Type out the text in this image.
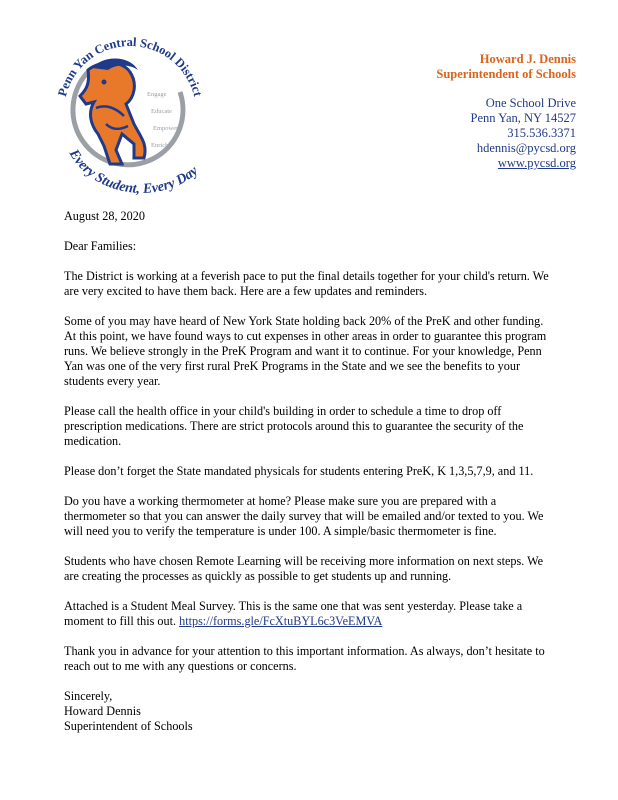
Penn Yan Central School District
Engage
Educate
Empower
Enrich
Every Student, Every Day
Howard J. Dennis
Superintendent of Schools
One School Drive
Penn Yan, NY 14527
315.536.3371
hdennis@pycsd.org
www.pycsd.org

August 28, 2020

Dear Families:

The District is working at a feverish pace to put the final details together for your child's return. We are very excited to have them back. Here are a few updates and reminders.

Some of you may have heard of New York State holding back 20% of the PreK and other funding. At this point, we have found ways to cut expenses in other areas in order to guarantee this program runs. We believe strongly in the PreK Program and want it to continue. For your knowledge, Penn Yan was one of the very first rural PreK Programs in the State and we see the benefits to your students every year.

Please call the health office in your child's building in order to schedule a time to drop off prescription medications. There are strict protocols around this to guarantee the security of the medication.

Please don’t forget the State mandated physicals for students entering PreK, K 1,3,5,7,9, and 11.

Do you have a working thermometer at home? Please make sure you are prepared with a thermometer so that you can answer the daily survey that will be emailed and/or texted to you. We will need you to verify the temperature is under 100. A simple/basic thermometer is fine.

Students who have chosen Remote Learning will be receiving more information on next steps. We are creating the processes as quickly as possible to get students up and running.

Attached is a Student Meal Survey. This is the same one that was sent yesterday. Please take a moment to fill this out. https://forms.gle/FcXtuBYL6c3VeEMVA

Thank you in advance for your attention to this important information. As always, don’t hesitate to reach out to me with any questions or concerns.

Sincerely,

Howard Dennis

Superintendent of Schools
